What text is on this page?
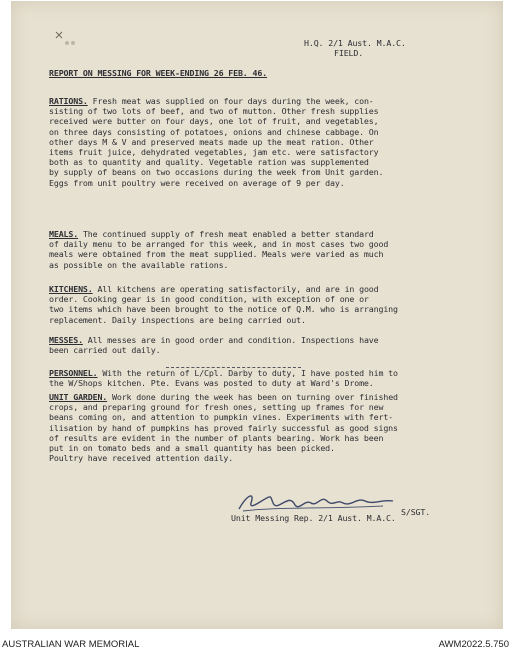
H.Q. 2/1 Aust. M.A.C.
FIELD.
REPORT ON MESSING FOR WEEK-ENDING 26 FEB. 46.
RATIONS. Fresh meat was supplied on four days during the week, con-
sisting of two lots of beef, and two of mutton. Other fresh supplies
received were butter on four days, one lot of fruit, and vegetables,
on three days consisting of potatoes, onions and chinese cabbage. On
other days M & V and preserved meats made up the meat ration. Other
items fruit juice, dehydrated vegetables, jam etc. were satisfactory
both as to quantity and quality. Vegetable ration was supplemented
by supply of beans on two occasions during the week from Unit garden.
Eggs from unit poultry were received on average of 9 per day.
MEALS. The continued supply of fresh meat enabled a better standard
of daily menu to be arranged for this week, and in most cases two good
meals were obtained from the meat supplied. Meals were varied as much
as possible on the available rations.
KITCHENS. All kitchens are operating satisfactorily, and are in good
order. Cooking gear is in good condition, with exception of one or
two items which have been brought to the notice of Q.M. who is arranging
replacement. Daily inspections are being carried out.
MESSES. All messes are in good order and condition. Inspections have
been carried out daily.
PERSONNEL. With the return of L/Cpl. Darby to duty, I have posted him to
the W/Shops kitchen. Pte. Evans was posted to duty at Ward's Drome.
UNIT GARDEN. Work done during the week has been on turning over finished
crops, and preparing ground for fresh ones, setting up frames for new
beans coming on, and attention to pumpkin vines. Experiments with fert-
ilisation by hand of pumpkins has proved fairly successful as good signs
of results are evident in the number of plants bearing. Work has been
put in on tomato beds and a small quantity has been picked.
Poultry have received attention daily.
S/SGT.
Unit Messing Rep. 2/1 Aust. M.A.C.
AUSTRALIAN WAR MEMORIAL	AWM2022.5.750
